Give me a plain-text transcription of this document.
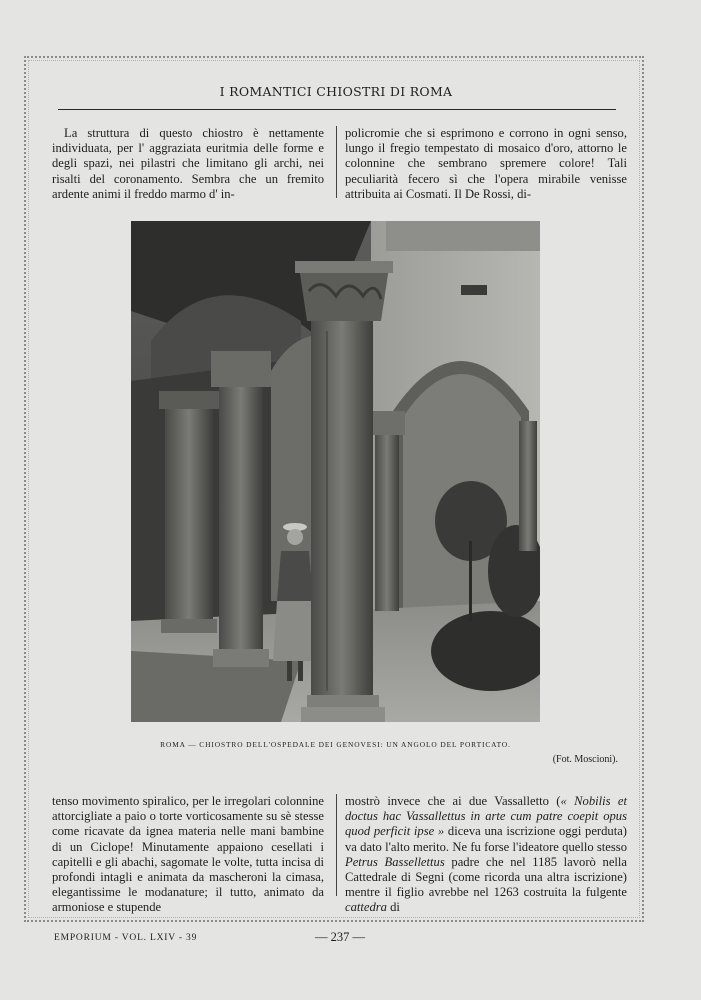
I ROMANTICI CHIOSTRI DI ROMA

La struttura di questo chiostro è nettamente individuata, per l' aggraziata euritmia delle forme e degli spazi, nei pilastri che limitano gli archi, nei risalti del coronamento. Sembra che un fremito ardente animi il freddo marmo d' in-

policromie che si esprimono e corrono in ogni senso, lungo il fregio tempestato di mosaico d'oro, attorno le colonnine che sembrano spremere colore! Tali peculiarità fecero sì che l'opera mirabile venisse attribuita ai Cosmati. Il De Rossi, di-

ROMA — CHIOSTRO DELL'OSPEDALE DEI GENOVESI: UN ANGOLO DEL PORTICATO.
(Fot. Moscioni).

tenso movimento spiralico, per le irregolari colonnine attorcigliate a paio o torte vorticosamente su sè stesse come ricavate da ignea materia nelle mani bambine di un Ciclope! Minutamente appaiono cesellati i capitelli e gli abachi, sagomate le volte, tutta incisa di profondi intagli e animata da mascheroni la cimasa, elegantissime le modanature; il tutto, animato da armoniose e stupende

mostrò invece che ai due Vassalletto (« Nobilis et doctus hac Vassallettus in arte cum patre coepit opus quod perficit ipse » diceva una iscrizione oggi perduta) va dato l'alto merito. Ne fu forse l'ideatore quello stesso Petrus Bassellettus padre che nel 1185 lavorò nella Cattedrale di Segni (come ricorda una altra iscrizione) mentre il figlio avrebbe nel 1263 costruita la fulgente cattedra di

EMPORIUM - VOL. LXIV - 39	— 237 —
